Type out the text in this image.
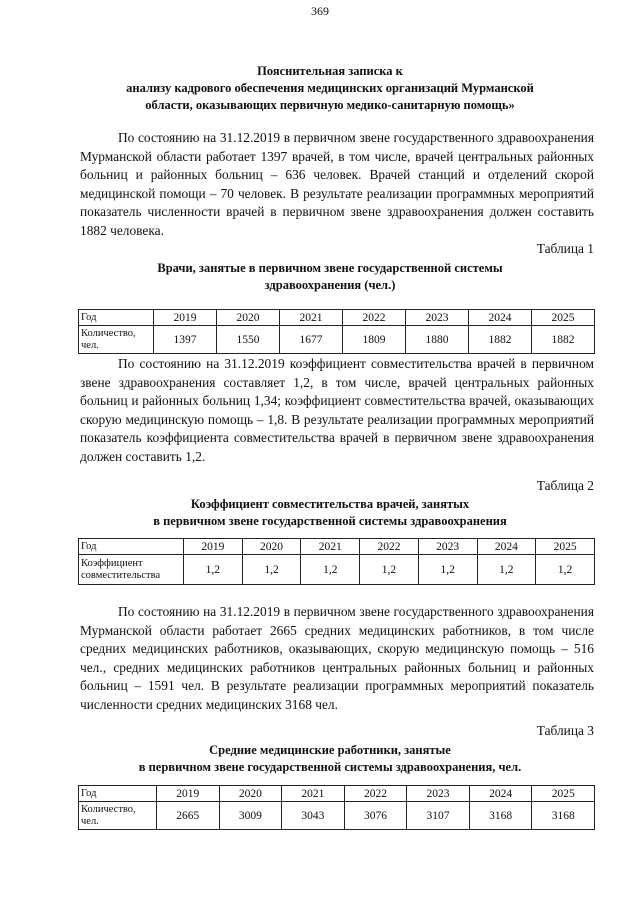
369
Пояснительная записка к
анализу кадрового обеспечения медицинских организаций Мурманской
области, оказывающих первичную медико-санитарную помощь»

По состоянию на 31.12.2019 в первичном звене государственного здравоохранения Мурманской области работает 1397 врачей, в том числе, врачей центральных районных больниц и районных больниц – 636 человек. Врачей станций и отделений скорой медицинской помощи – 70 человек. В результате реализации программных мероприятий показатель численности врачей в первичном звене здравоохранения должен составить 1882 человека.

Таблица 1
Врачи, занятые в первичном звене государственной системы
здравоохранения (чел.)
Год	2019	2020	2021	2022	2023	2024	2025
Количество, чел.	1397	1550	1677	1809	1880	1882	1882

По состоянию на 31.12.2019 коэффициент совместительства врачей в первичном звене здравоохранения составляет 1,2, в том числе, врачей центральных районных больниц и районных больниц 1,34; коэффициент совместительства врачей, оказывающих скорую медицинскую помощь – 1,8. В результате реализации программных мероприятий показатель коэффициента совместительства врачей в первичном звене здравоохранения должен составить 1,2.

Таблица 2
Коэффициент совместительства врачей, занятых
в первичном звене государственной системы здравоохранения
Год	2019	2020	2021	2022	2023	2024	2025
Коэффициент совместительства	1,2	1,2	1,2	1,2	1,2	1,2	1,2

По состоянию на 31.12.2019 в первичном звене государственного здравоохранения Мурманской области работает 2665 средних медицинских работников, в том числе средних медицинских работников, оказывающих, скорую медицинскую помощь – 516 чел., средних медицинских работников центральных районных больниц и районных больниц – 1591 чел. В результате реализации программных мероприятий показатель численности средних медицинских 3168 чел.

Таблица 3
Средние медицинские работники, занятые
в первичном звене государственной системы здравоохранения, чел.
Год	2019	2020	2021	2022	2023	2024	2025
Количество, чел.	2665	3009	3043	3076	3107	3168	3168
